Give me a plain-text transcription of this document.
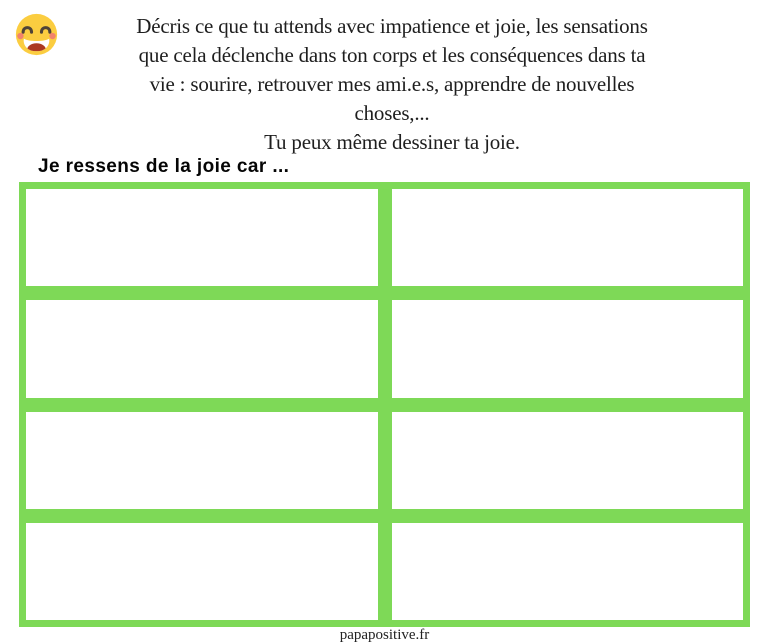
Décris ce que tu attends avec impatience et joie, les sensations
que cela déclenche dans ton corps et les conséquences dans ta
vie : sourire, retrouver mes ami.e.s, apprendre de nouvelles
choses,...
Tu peux même dessiner ta joie.
Je ressens de la joie car ...
papapositive.fr
